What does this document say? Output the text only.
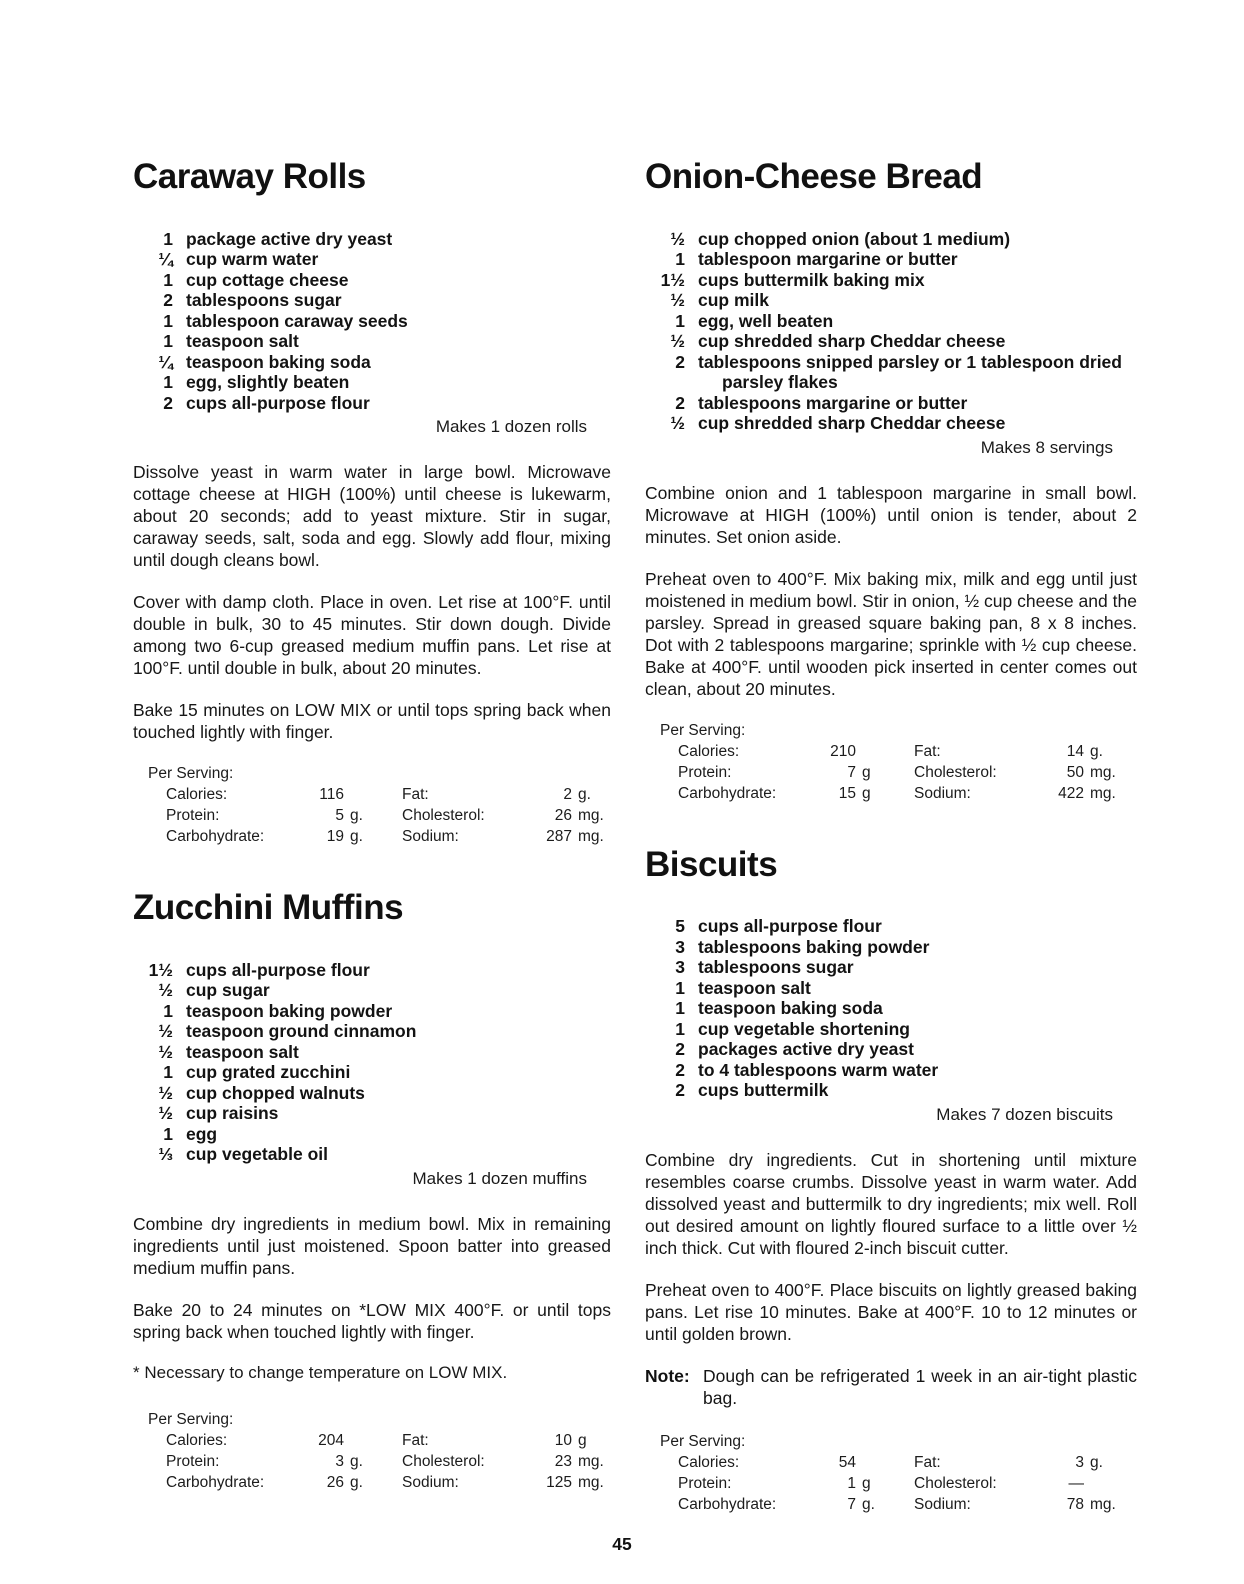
Caraway Rolls
1 package active dry yeast
¼ cup warm water
1 cup cottage cheese
2 tablespoons sugar
1 tablespoon caraway seeds
1 teaspoon salt
¼ teaspoon baking soda
1 egg, slightly beaten
2 cups all-purpose flour
Makes 1 dozen rolls

Dissolve yeast in warm water in large bowl. Microwave cottage cheese at HIGH (100%) until cheese is lukewarm, about 20 seconds; add to yeast mixture. Stir in sugar, caraway seeds, salt, soda and egg. Slowly add flour, mixing until dough cleans bowl.

Cover with damp cloth. Place in oven. Let rise at 100°F. until double in bulk, 30 to 45 minutes. Stir down dough. Divide among two 6-cup greased medium muffin pans. Let rise at 100°F. until double in bulk, about 20 minutes.

Bake 15 minutes on LOW MIX or until tops spring back when touched lightly with finger.

Per Serving:
Calories:	116	Fat:	2 g.
Protein:	5 g.	Cholesterol:	26 mg.
Carbohydrate:	19 g.	Sodium:	287 mg.
Zucchini Muffins
1½ cups all-purpose flour
½ cup sugar
1 teaspoon baking powder
½ teaspoon ground cinnamon
½ teaspoon salt
1 cup grated zucchini
½ cup chopped walnuts
½ cup raisins
1 egg
⅓ cup vegetable oil
Makes 1 dozen muffins

Combine dry ingredients in medium bowl. Mix in remaining ingredients until just moistened. Spoon batter into greased medium muffin pans.

Bake 20 to 24 minutes on *LOW MIX 400°F. or until tops spring back when touched lightly with finger.

* Necessary to change temperature on LOW MIX.
Per Serving:
Calories:	204	Fat:	10 g
Protein:	3 g.	Cholesterol:	23 mg.
Carbohydrate:	26 g.	Sodium:	125 mg.
Onion-Cheese Bread
½ cup chopped onion (about 1 medium)
1 tablespoon margarine or butter
1½ cups buttermilk baking mix
½ cup milk
1 egg, well beaten
½ cup shredded sharp Cheddar cheese
2 tablespoons snipped parsley or 1 tablespoon dried parsley flakes
2 tablespoons margarine or butter
½ cup shredded sharp Cheddar cheese
Makes 8 servings

Combine onion and 1 tablespoon margarine in small bowl. Microwave at HIGH (100%) until onion is tender, about 2 minutes. Set onion aside.

Preheat oven to 400°F. Mix baking mix, milk and egg until just moistened in medium bowl. Stir in onion, ½ cup cheese and the parsley. Spread in greased square baking pan, 8 x 8 inches. Dot with 2 tablespoons margarine; sprinkle with ½ cup cheese. Bake at 400°F. until wooden pick inserted in center comes out clean, about 20 minutes.

Per Serving:
Calories:	210	Fat:	14 g.
Protein:	7 g	Cholesterol:	50 mg.
Carbohydrate:	15 g	Sodium:	422 mg.
Biscuits
5 cups all-purpose flour
3 tablespoons baking powder
3 tablespoons sugar
1 teaspoon salt
1 teaspoon baking soda
1 cup vegetable shortening
2 packages active dry yeast
2 to 4 tablespoons warm water
2 cups buttermilk
Makes 7 dozen biscuits

Combine dry ingredients. Cut in shortening until mixture resembles coarse crumbs. Dissolve yeast in warm water. Add dissolved yeast and buttermilk to dry ingredients; mix well. Roll out desired amount on lightly floured surface to a little over ½ inch thick. Cut with floured 2-inch biscuit cutter.

Preheat oven to 400°F. Place biscuits on lightly greased baking pans. Let rise 10 minutes. Bake at 400°F. 10 to 12 minutes or until golden brown.

Note: Dough can be refrigerated 1 week in an air-tight plastic bag.
Per Serving:
Calories:	54	Fat:	3 g.
Protein:	1 g	Cholesterol:	—
Carbohydrate:	7 g.	Sodium:	78 mg.
45
